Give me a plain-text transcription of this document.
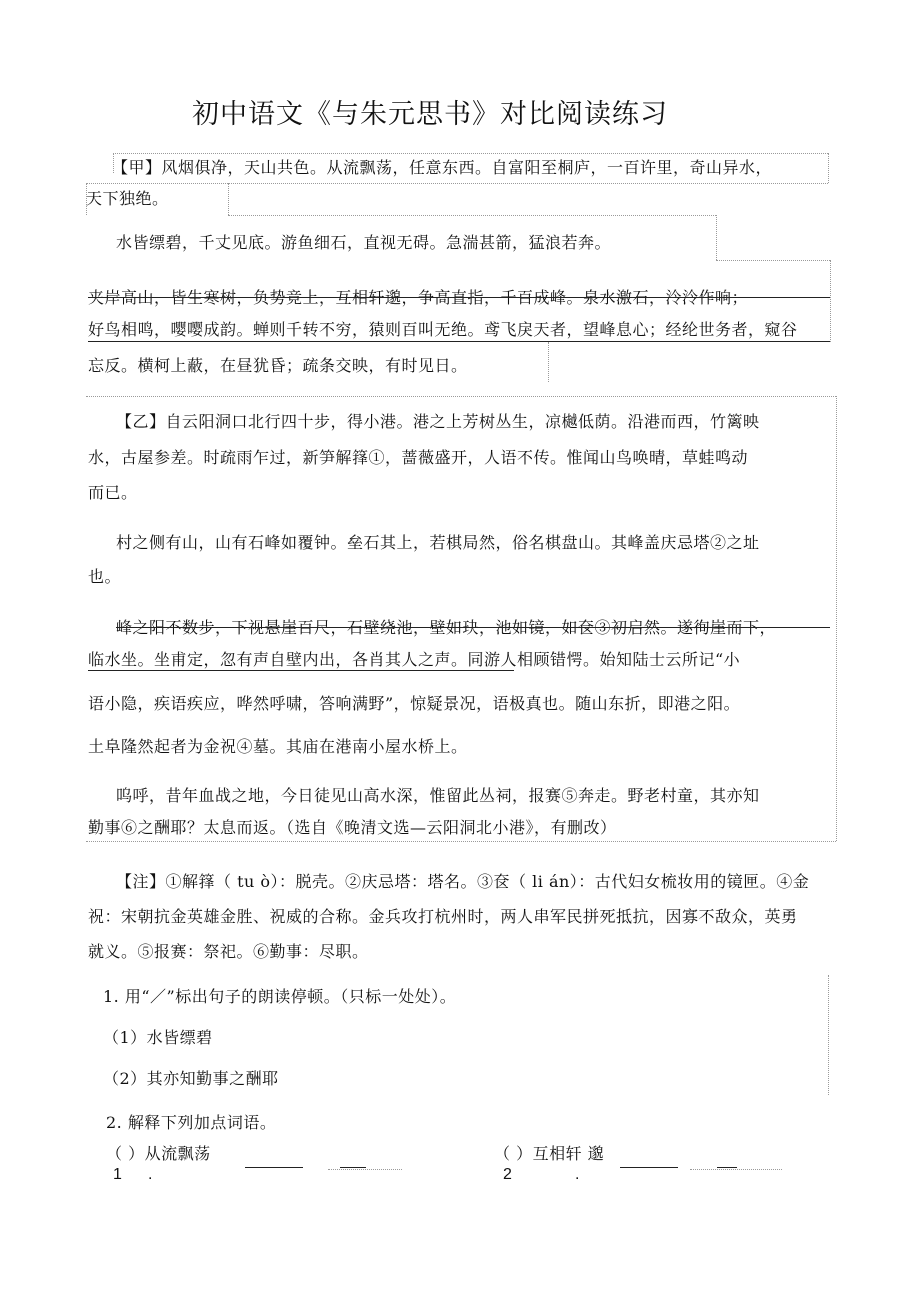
初中语文《与朱元思书》对比阅读练习
【甲】风烟俱净，天山共色。从流飘荡，任意东西。自富阳至桐庐，一百许里，奇山异水，
天下独绝。
水皆缥碧，千丈见底。游鱼细石，直视无碍。急湍甚箭，猛浪若奔。
夹岸高山，皆生寒树，负势竞上，互相轩邈，争高直指，千百成峰。泉水激石，泠泠作响；
好鸟相鸣，嘤嘤成韵。蝉则千转不穷，猿则百叫无绝。鸢飞戾天者，望峰息心；经纶世务者，窥谷
忘反。横柯上蔽，在昼犹昏；疏条交映，有时见日。
【乙】自云阳洞口北行四十步，得小港。港之上芳树丛生，凉樾低荫。沿港而西，竹篱映
水，古屋参差。时疏雨乍过，新笋解箨①，蔷薇盛开，人语不传。惟闻山鸟唤晴，草蛙鸣动
而已。
村之侧有山，山有石峰如覆钟。垒石其上，若棋局然，俗名棋盘山。其峰盖庆忌塔②之址
也。
峰之阳不数步，下视悬崖百尺，石壁绕池，壁如玦，池如镜，如奁③初启然。遂徇崖而下，
临水坐。坐甫定，忽有声自壁内出，各肖其人之声。同游人相顾错愕。始知陆士云所记“小
语小隐，疾语疾应，哗然呼啸，答响满野”，惊疑景况，语极真也。随山东折，即港之阳。
土阜隆然起者为金祝④墓。其庙在港南小屋水桥上。
呜呼，昔年血战之地，今日徒见山高水深，惟留此丛祠，报赛⑤奔走。野老村童，其亦知
勤事⑥之酬耶？太息而返。（选自《晚清文选—云阳洞北小港》，有删改）
【注】①解箨（ tu ò）：脱壳。②庆忌塔：塔名。③奁（ li án）：古代妇女梳妆用的镜匣。④金
祝：宋朝抗金英雄金胜、祝威的合称。金兵攻打杭州时，两人串军民拼死抵抗，因寡不敌众，英勇
就义。⑤报赛：祭祀。⑥勤事：尽职。
1. 用“／”标出句子的朗读停顿。（只标一处处）。
（1）水皆缥碧
（2）其亦知勤事之酬耶
2. 解释下列加点词语。
（ ）从流飘荡
1 .
（ ）互相轩 邈
2	.
